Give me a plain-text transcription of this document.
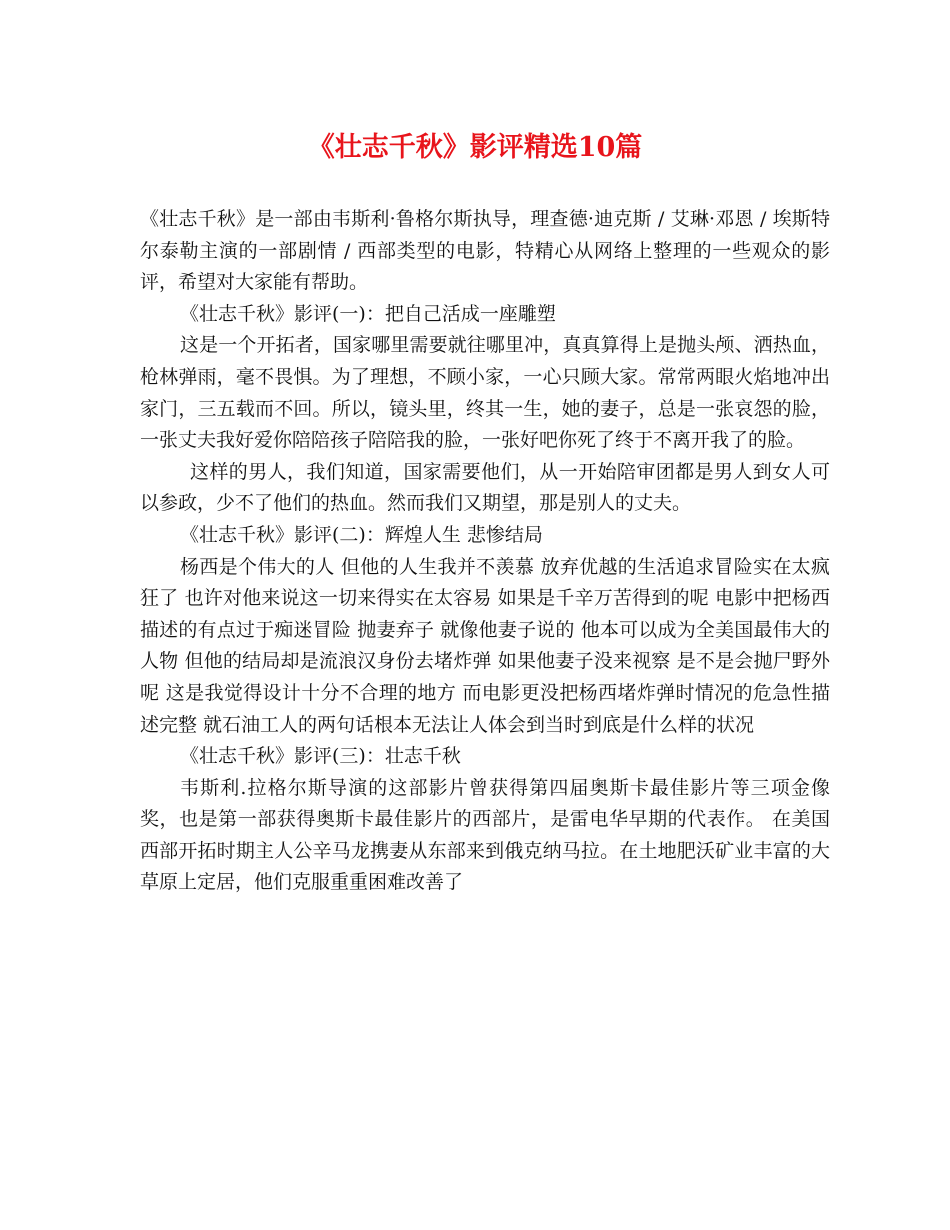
《壮志千秋》影评精选10篇

《壮志千秋》是一部由韦斯利·鲁格尔斯执导，理查德·迪克斯 / 艾琳·邓恩 / 埃斯特尔泰勒主演的一部剧情 / 西部类型的电影，特精心从网络上整理的一些观众的影评，希望对大家能有帮助。

《壮志千秋》影评(一)：把自己活成一座雕塑

这是一个开拓者，国家哪里需要就往哪里冲，真真算得上是抛头颅、洒热血，枪林弹雨，毫不畏惧。为了理想，不顾小家，一心只顾大家。常常两眼火焰地冲出家门，三五载而不回。所以，镜头里，终其一生，她的妻子，总是一张哀怨的脸，一张丈夫我好爱你陪陪孩子陪陪我的脸，一张好吧你死了终于不离开我了的脸。

这样的男人，我们知道，国家需要他们，从一开始陪审团都是男人到女人可以参政，少不了他们的热血。然而我们又期望，那是别人的丈夫。

《壮志千秋》影评(二)：辉煌人生 悲惨结局

杨西是个伟大的人 但他的人生我并不羡慕 放弃优越的生活追求冒险实在太疯狂了 也许对他来说这一切来得实在太容易 如果是千辛万苦得到的呢 电影中把杨西描述的有点过于痴迷冒险 抛妻弃子 就像他妻子说的 他本可以成为全美国最伟大的人物 但他的结局却是流浪汉身份去堵炸弹 如果他妻子没来视察 是不是会抛尸野外呢 这是我觉得设计十分不合理的地方 而电影更没把杨西堵炸弹时情况的危急性描述完整 就石油工人的两句话根本无法让人体会到当时到底是什么样的状况

《壮志千秋》影评(三)：壮志千秋

韦斯利.拉格尔斯导演的这部影片曾获得第四届奥斯卡最佳影片等三项金像奖，也是第一部获得奥斯卡最佳影片的西部片，是雷电华早期的代表作。 在美国西部开拓时期主人公辛马龙携妻从东部来到俄克纳马拉。在土地肥沃矿业丰富的大草原上定居，他们克服重重困难改善了
